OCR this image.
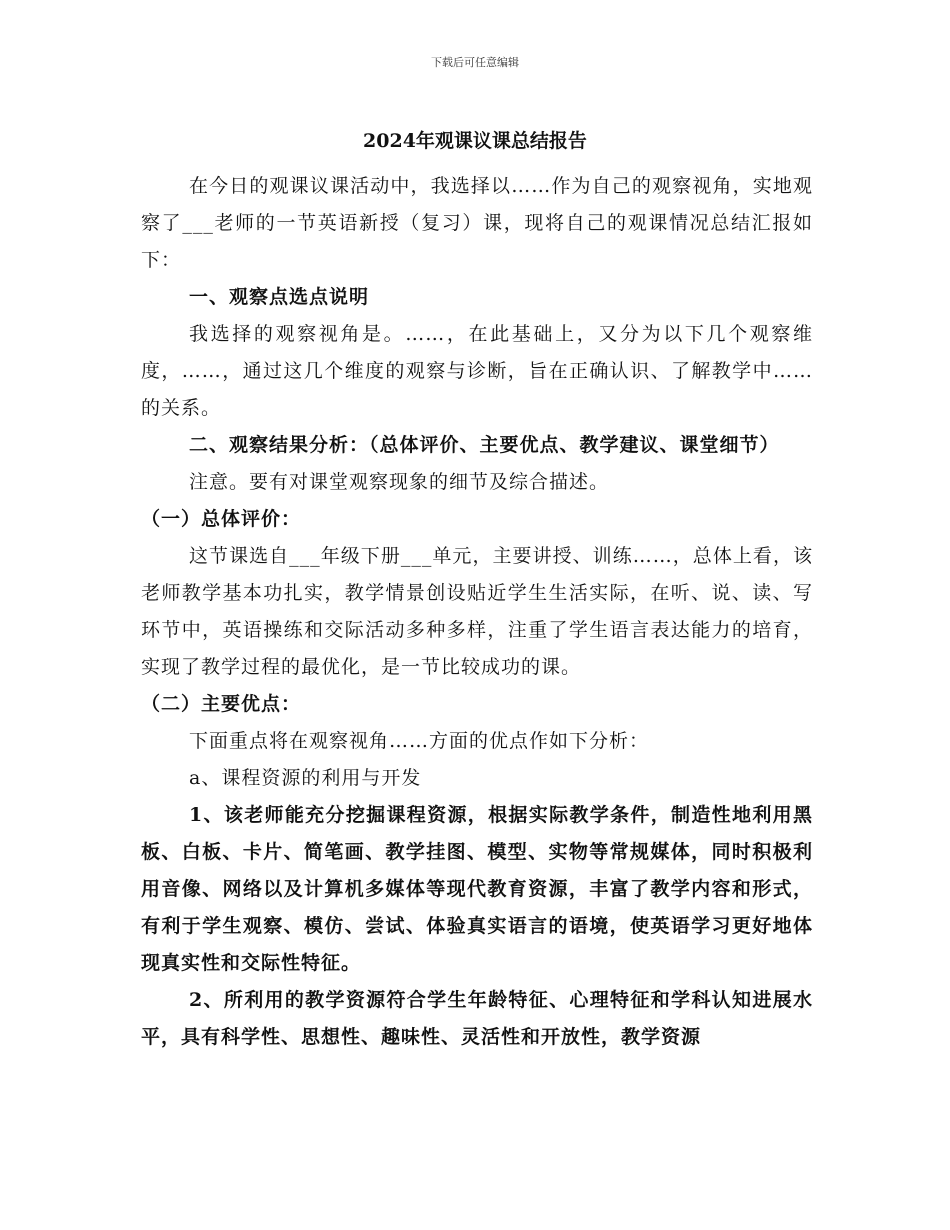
下载后可任意编辑
2024年观课议课总结报告

在今日的观课议课活动中，我选择以……作为自己的观察视角，实地观察了___老师的一节英语新授（复习）课，现将自己的观课情况总结汇报如下：

一、观察点选点说明

我选择的观察视角是。……，在此基础上，又分为以下几个观察维度，……，通过这几个维度的观察与诊断，旨在正确认识、了解教学中……的关系。

二、观察结果分析：（总体评价、主要优点、教学建议、课堂细节）

注意。要有对课堂观察现象的细节及综合描述。

（一）总体评价：

这节课选自___年级下册___单元，主要讲授、训练……，总体上看，该老师教学基本功扎实，教学情景创设贴近学生生活实际，在听、说、读、写环节中，英语操练和交际活动多种多样，注重了学生语言表达能力的培育，实现了教学过程的最优化，是一节比较成功的课。

（二）主要优点：

下面重点将在观察视角……方面的优点作如下分析：

a、课程资源的利用与开发

1、该老师能充分挖掘课程资源，根据实际教学条件，制造性地利用黑板、白板、卡片、简笔画、教学挂图、模型、实物等常规媒体，同时积极利用音像、网络以及计算机多媒体等现代教育资源，丰富了教学内容和形式，有利于学生观察、模仿、尝试、体验真实语言的语境，使英语学习更好地体现真实性和交际性特征。

2、所利用的教学资源符合学生年龄特征、心理特征和学科认知进展水平，具有科学性、思想性、趣味性、灵活性和开放性，教学资源
